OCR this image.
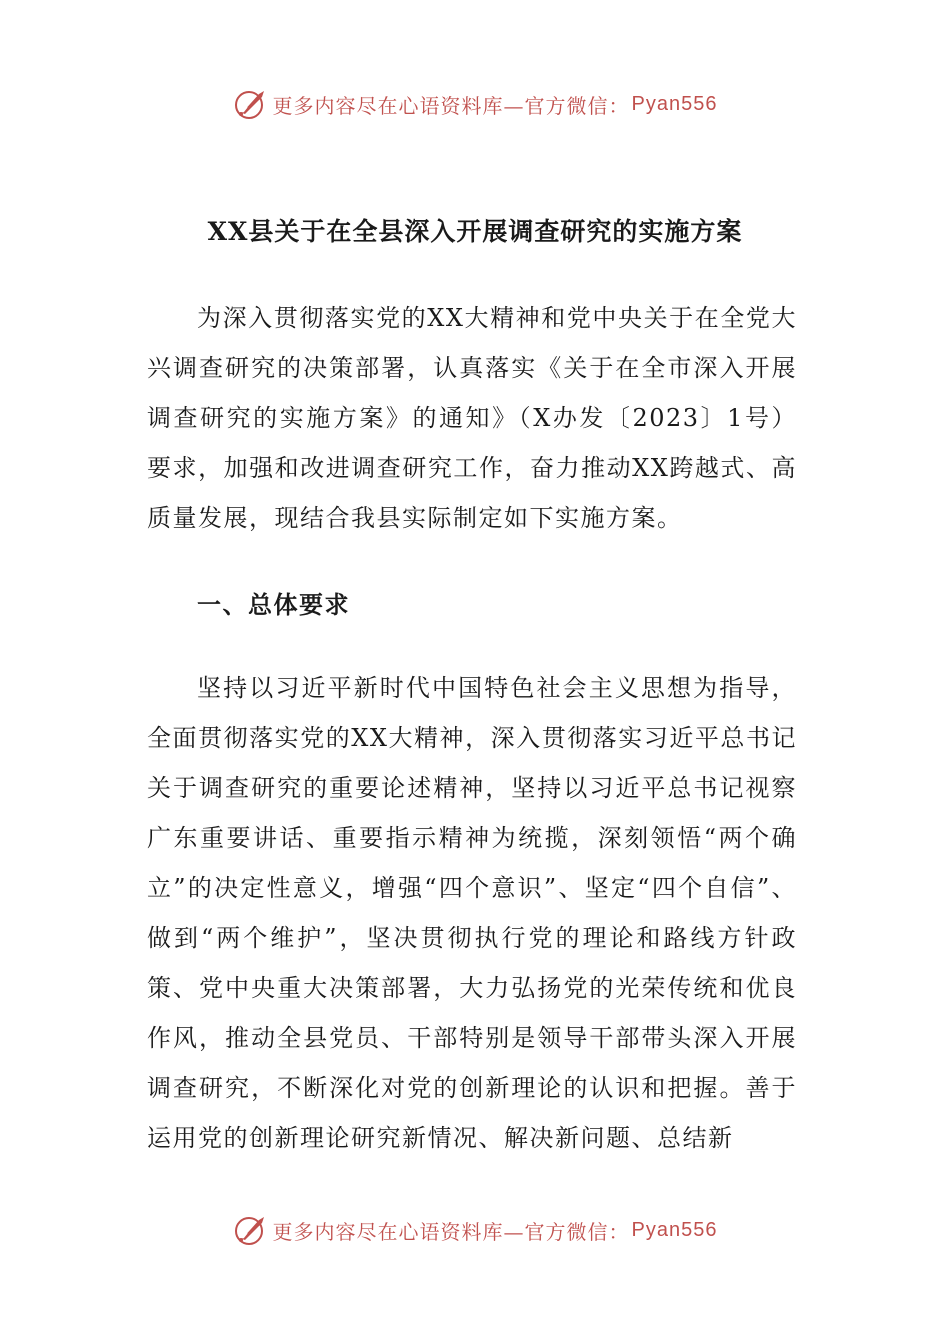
更多内容尽在心语资料库—官方微信： Pyan556
XX县关于在全县深入开展调查研究的实施方案

为深入贯彻落实党的XX大精神和党中央关于在全党大兴调查研究的决策部署，认真落实《关于在全市深入开展调查研究的实施方案》的通知》（X办发〔2023〕1号）要求，加强和改进调查研究工作，奋力推动XX跨越式、高质量发展，现结合我县实际制定如下实施方案。

一、总体要求

坚持以习近平新时代中国特色社会主义思想为指导，全面贯彻落实党的XX大精神，深入贯彻落实习近平总书记关于调查研究的重要论述精神，坚持以习近平总书记视察广东重要讲话、重要指示精神为统揽，深刻领悟“两个确立”的决定性意义，增强“四个意识”、坚定“四个自信”、做到“两个维护”，坚决贯彻执行党的理论和路线方针政策、党中央重大决策部署，大力弘扬党的光荣传统和优良作风，推动全县党员、干部特别是领导干部带头深入开展调查研究，不断深化对党的创新理论的认识和把握。善于运用党的创新理论研究新情况、解决新问题、总结新

更多内容尽在心语资料库—官方微信： Pyan556
